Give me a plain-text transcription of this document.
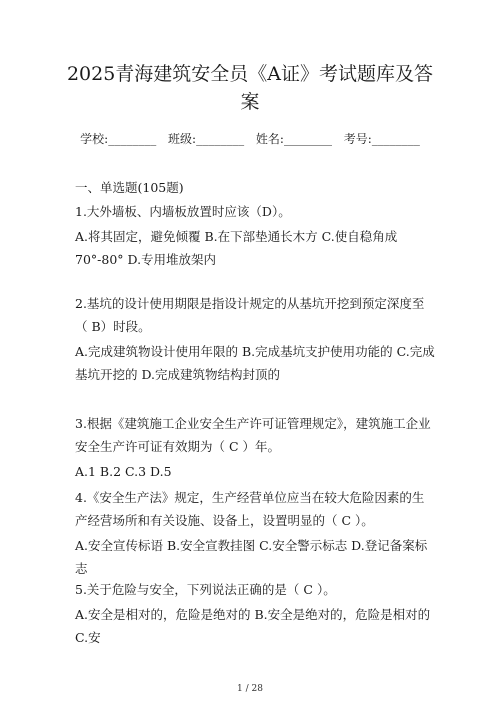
2025青海建筑安全员《A证》考试题库及答案
学校:________ 班级:________ 姓名:________ 考号:________
一、单选题(105题)

1.大外墙板、内墙板放置时应该（D）。

A.将其固定，避免倾覆 B.在下部垫通长木方 C.使自稳角成70°-80° D.专用堆放架内

2.基坑的设计使用期限是指设计规定的从基坑开挖到预定深度至（ B）时段。

A.完成建筑物设计使用年限的 B.完成基坑支护使用功能的 C.完成基坑开挖的 D.完成建筑物结构封顶的

3.根据《建筑施工企业安全生产许可证管理规定》，建筑施工企业安全生产许可证有效期为（ C ）年。

A.1 B.2 C.3 D.5

4.《安全生产法》规定，生产经营单位应当在较大危险因素的生产经营场所和有关设施、设备上，设置明显的（ C ）。

A.安全宣传标语 B.安全宣教挂图 C.安全警示标志 D.登记备案标志

5.关于危险与安全，下列说法正确的是（ C ）。

A.安全是相对的，危险是绝对的 B.安全是绝对的，危险是相对的 C.安

1 / 28
